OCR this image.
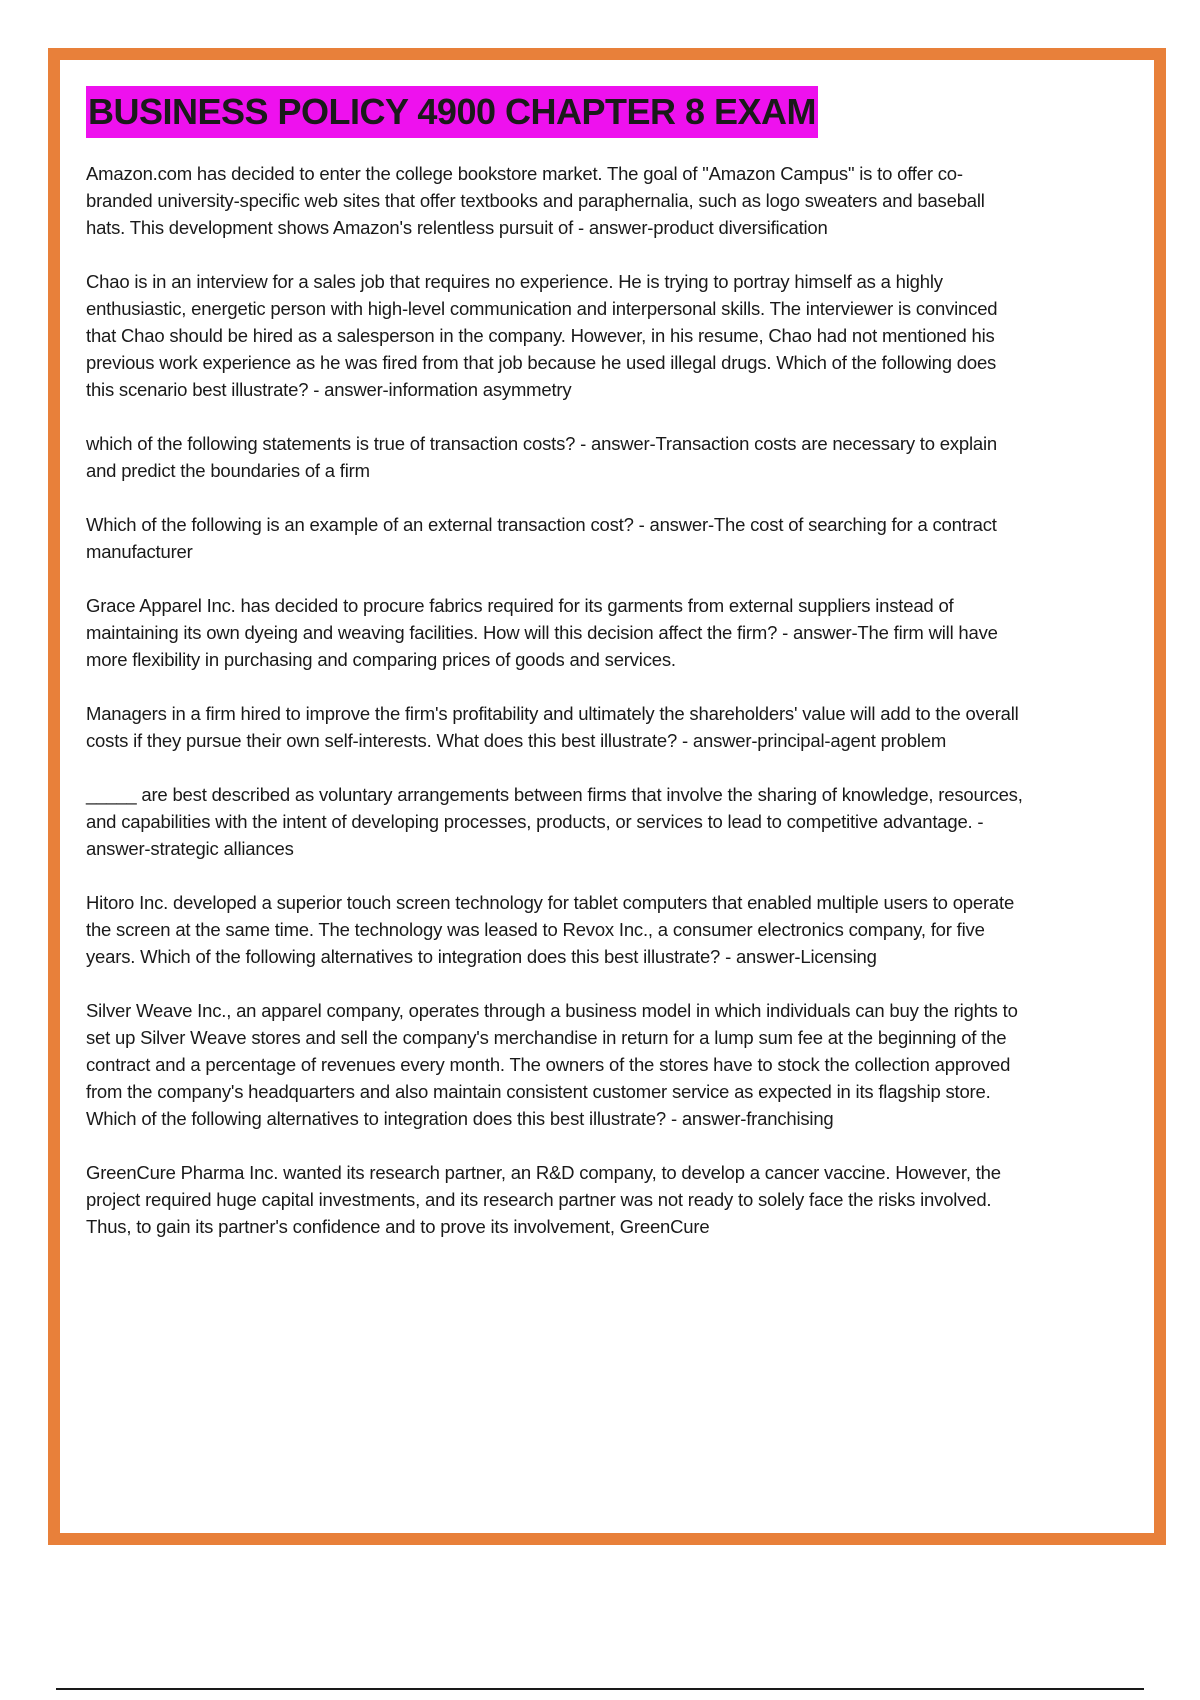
BUSINESS POLICY 4900 CHAPTER 8 EXAM

Amazon.com has decided to enter the college bookstore market. The goal of "Amazon Campus" is to offer co-branded university-specific web sites that offer textbooks and paraphernalia, such as logo sweaters and baseball hats. This development shows Amazon's relentless pursuit of - answer-product diversification

Chao is in an interview for a sales job that requires no experience. He is trying to portray himself as a highly enthusiastic, energetic person with high-level communication and interpersonal skills. The interviewer is convinced that Chao should be hired as a salesperson in the company. However, in his resume, Chao had not mentioned his previous work experience as he was fired from that job because he used illegal drugs. Which of the following does this scenario best illustrate? - answer-information asymmetry

which of the following statements is true of transaction costs? - answer-Transaction costs are necessary to explain and predict the boundaries of a firm

Which of the following is an example of an external transaction cost? - answer-The cost of searching for a contract manufacturer

Grace Apparel Inc. has decided to procure fabrics required for its garments from external suppliers instead of maintaining its own dyeing and weaving facilities. How will this decision affect the firm? - answer-The firm will have more flexibility in purchasing and comparing prices of goods and services.

Managers in a firm hired to improve the firm's profitability and ultimately the shareholders' value will add to the overall costs if they pursue their own self-interests. What does this best illustrate? - answer-principal-agent problem

_____ are best described as voluntary arrangements between firms that involve the sharing of knowledge, resources, and capabilities with the intent of developing processes, products, or services to lead to competitive advantage. - answer-strategic alliances

Hitoro Inc. developed a superior touch screen technology for tablet computers that enabled multiple users to operate the screen at the same time. The technology was leased to Revox Inc., a consumer electronics company, for five years. Which of the following alternatives to integration does this best illustrate? - answer-Licensing

Silver Weave Inc., an apparel company, operates through a business model in which individuals can buy the rights to set up Silver Weave stores and sell the company's merchandise in return for a lump sum fee at the beginning of the contract and a percentage of revenues every month. The owners of the stores have to stock the collection approved from the company's headquarters and also maintain consistent customer service as expected in its flagship store. Which of the following alternatives to integration does this best illustrate? - answer-franchising

GreenCure Pharma Inc. wanted its research partner, an R&D company, to develop a cancer vaccine. However, the project required huge capital investments, and its research partner was not ready to solely face the risks involved. Thus, to gain its partner's confidence and to prove its involvement, GreenCure
